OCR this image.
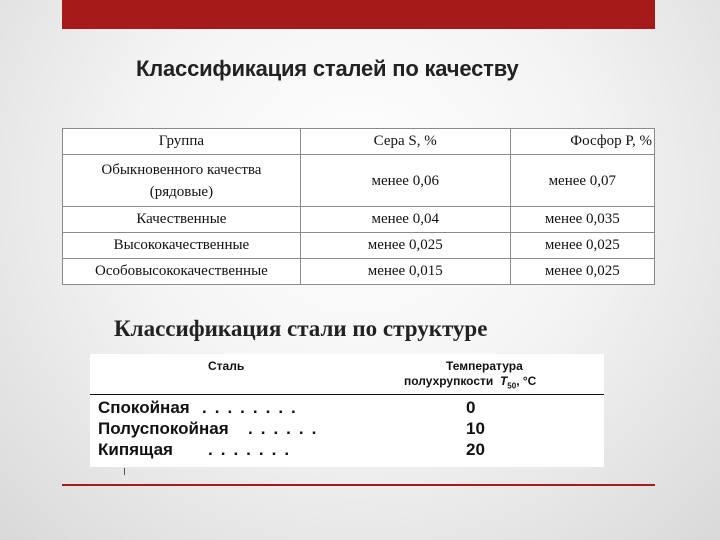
Классификация сталей по качеству
Группа	Сера S, %	Фосфор P, %
Обыкновенного качества
(рядовые)	менее 0,06	менее 0,07
Качественные	менее 0,04	менее 0,035
Высококачественные	менее 0,025	менее 0,025
Особовысококачественные	менее 0,015	менее 0,025
Классификация стали по структуре
Сталь	Температура
полухрупкости $T_{50}$, °C
Спокойная ........	0
Полуспокойная ......	10
Кипящая .......	20
